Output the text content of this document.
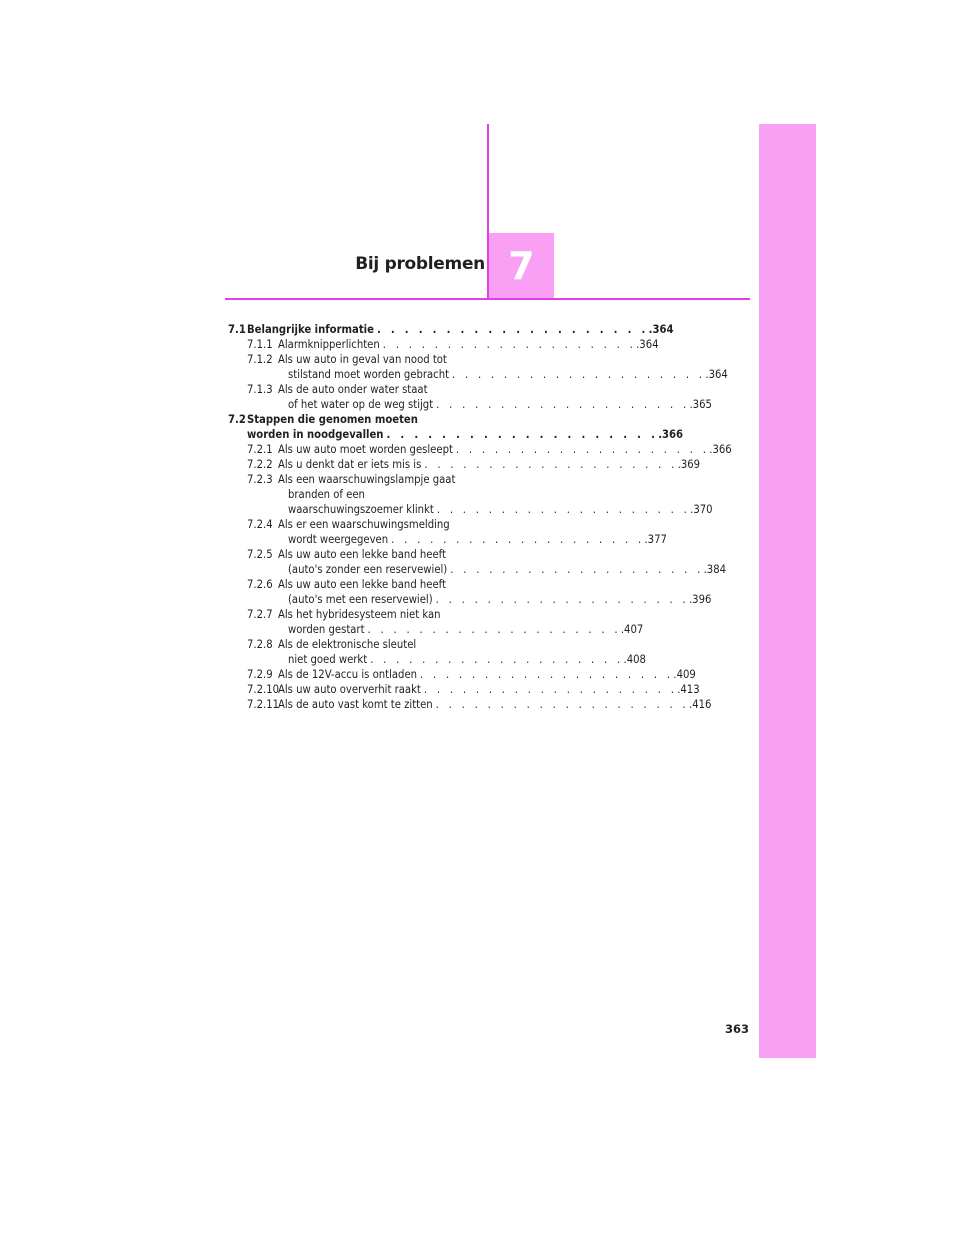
Bij problemen 7
7.1 Belangrijke informatie . . . . . . . . . . . . . . . . . . . . .364
7.1.1 Alarmknipperlichten . . . . . . . . . . . . . . . . . . . . .364
7.1.2 Als uw auto in geval van nood tot
stilstand moet worden gebracht . . . . . . . . . . . . . . . . . . . . .364
7.1.3 Als de auto onder water staat
of het water op de weg stijgt . . . . . . . . . . . . . . . . . . . . .365
7.2 Stappen die genomen moeten
worden in noodgevallen . . . . . . . . . . . . . . . . . . . . .366
7.2.1 Als uw auto moet worden gesleept . . . . . . . . . . . . . . . . . . . . .366
7.2.2 Als u denkt dat er iets mis is . . . . . . . . . . . . . . . . . . . . .369
7.2.3 Als een waarschuwingslampje gaat
branden of een
waarschuwingszoemer klinkt . . . . . . . . . . . . . . . . . . . . .370
7.2.4 Als er een waarschuwingsmelding
wordt weergegeven . . . . . . . . . . . . . . . . . . . . .377
7.2.5 Als uw auto een lekke band heeft
(auto's zonder een reservewiel) . . . . . . . . . . . . . . . . . . . . .384
7.2.6 Als uw auto een lekke band heeft
(auto's met een reservewiel) . . . . . . . . . . . . . . . . . . . . .396
7.2.7 Als het hybridesysteem niet kan
worden gestart . . . . . . . . . . . . . . . . . . . . .407
7.2.8 Als de elektronische sleutel
niet goed werkt . . . . . . . . . . . . . . . . . . . . .408
7.2.9 Als de 12V-accu is ontladen . . . . . . . . . . . . . . . . . . . . .409
7.2.10
Als uw auto oververhit raakt . . . . . . . . . . . . . . . . . . . . .413
7.2.11
Als de auto vast komt te zitten . . . . . . . . . . . . . . . . . . . . .416
363
